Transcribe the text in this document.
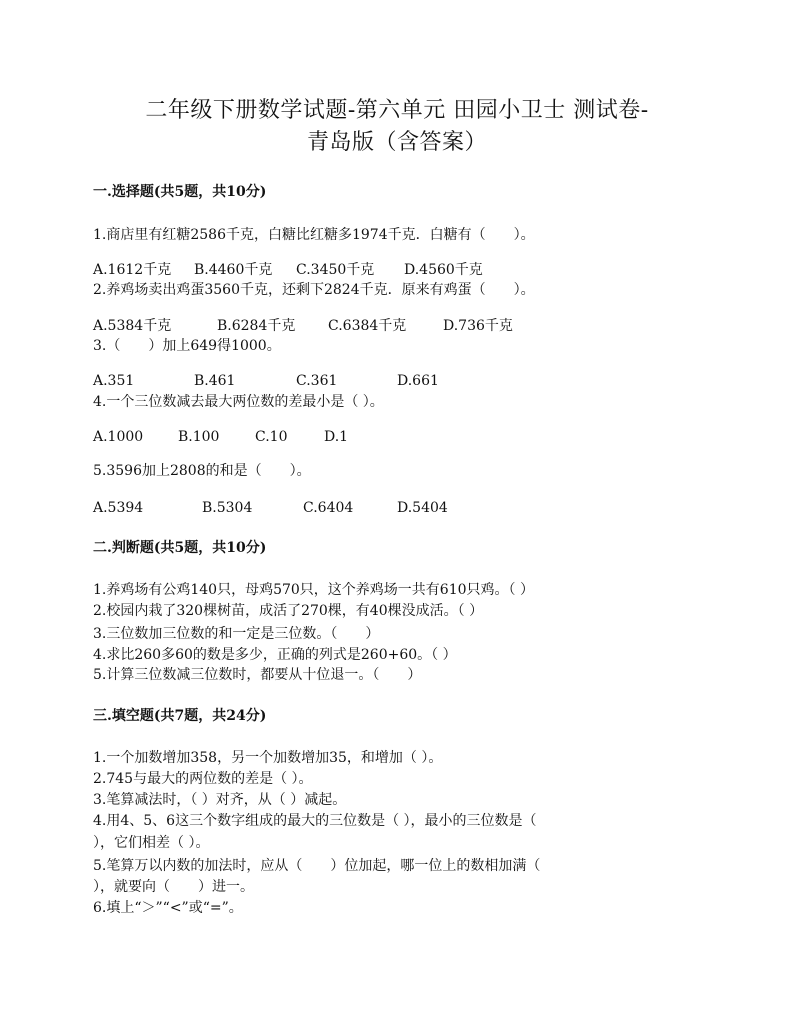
二年级下册数学试题-第六单元 田园小卫士 测试卷-
青岛版（含答案）
一.选择题(共5题，共10分)
1.商店里有红糖2586千克，白糖比红糖多1974千克．白糖有（　　）。
A.1612千克 B.4460千克 C.3450千克 D.4560千克
2.养鸡场卖出鸡蛋3560千克，还剩下2824千克．原来有鸡蛋（　　）。
A.5384千克	B.6284千克 C.6384千克	D.736千克
3.（　　）加上649得1000。
A.351	B.461	C.361	D.661
4.一个三位数减去最大两位数的差最小是（ ）。
A.1000 B.100	C.10	D.1
5.3596加上2808的和是（　　）。
A.5394	B.5304	C.6404	D.5404
二.判断题(共5题，共10分)
1.养鸡场有公鸡140只，母鸡570只，这个养鸡场一共有610只鸡。（ ）
2.校园内栽了320棵树苗，成活了270棵，有40棵没成活。（ ）
3.三位数加三位数的和一定是三位数。（　　）
4.求比260多60的数是多少，正确的列式是260+60。（ ）
5.计算三位数减三位数时，都要从十位退一。（　　）
三.填空题(共7题，共24分)
1.一个加数增加358，另一个加数增加35，和增加（ ）。
2.745与最大的两位数的差是（ ）。
3.笔算减法时，（ ）对齐，从（ ）减起。
4.用4、5、6这三个数字组成的最大的三位数是（ ），最小的三位数是（
），它们相差（ ）。
5.笔算万以内数的加法时，应从（　　）位加起，哪一位上的数相加满（
），就要向（　　）进一。
6.填上“＞”“<”或“=”。
